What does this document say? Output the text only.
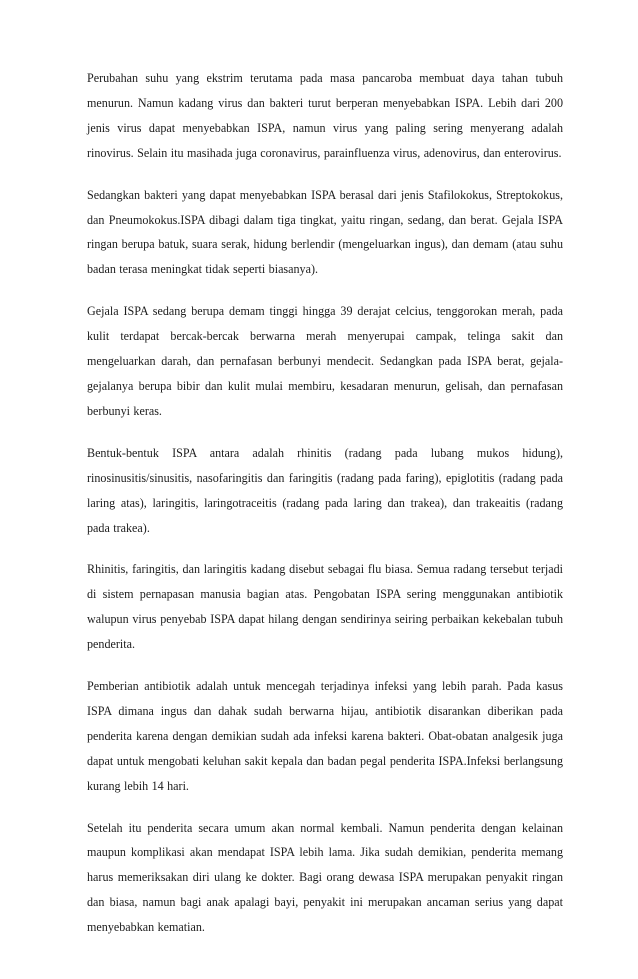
Perubahan suhu yang ekstrim terutama pada masa pancaroba membuat daya tahan tubuh menurun. Namun kadang virus dan bakteri turut berperan menyebabkan ISPA. Lebih dari 200 jenis virus dapat menyebabkan ISPA, namun virus yang paling sering menyerang adalah rinovirus. Selain itu masihada juga coronavirus, parainfluenza virus, adenovirus, dan enterovirus.

Sedangkan bakteri yang dapat menyebabkan ISPA berasal dari jenis Stafilokokus, Streptokokus, dan Pneumokokus.ISPA dibagi dalam tiga tingkat, yaitu ringan, sedang, dan berat. Gejala ISPA ringan berupa batuk, suara serak, hidung berlendir (mengeluarkan ingus), dan demam (atau suhu badan terasa meningkat tidak seperti biasanya).

Gejala ISPA sedang berupa demam tinggi hingga 39 derajat celcius, tenggorokan merah, pada kulit terdapat bercak-bercak berwarna merah menyerupai campak, telinga sakit dan mengeluarkan darah, dan pernafasan berbunyi mendecit. Sedangkan pada ISPA berat, gejala-gejalanya berupa bibir dan kulit mulai membiru, kesadaran menurun, gelisah, dan pernafasan berbunyi keras.

Bentuk-bentuk ISPA antara adalah rhinitis (radang pada lubang mukos hidung), rinosinusitis/sinusitis, nasofaringitis dan faringitis (radang pada faring), epiglotitis (radang pada laring atas), laringitis, laringotraceitis (radang pada laring dan trakea), dan trakeaitis (radang pada trakea).

Rhinitis, faringitis, dan laringitis kadang disebut sebagai flu biasa. Semua radang tersebut terjadi di sistem pernapasan manusia bagian atas. Pengobatan ISPA sering menggunakan antibiotik walupun virus penyebab ISPA dapat hilang dengan sendirinya seiring perbaikan kekebalan tubuh penderita.

Pemberian antibiotik adalah untuk mencegah terjadinya infeksi yang lebih parah. Pada kasus ISPA dimana ingus dan dahak sudah berwarna hijau, antibiotik disarankan diberikan pada penderita karena dengan demikian sudah ada infeksi karena bakteri. Obat-obatan analgesik juga dapat untuk mengobati keluhan sakit kepala dan badan pegal penderita ISPA.Infeksi berlangsung kurang lebih 14 hari.

Setelah itu penderita secara umum akan normal kembali. Namun penderita dengan kelainan maupun komplikasi akan mendapat ISPA lebih lama. Jika sudah demikian, penderita memang harus memeriksakan diri ulang ke dokter. Bagi orang dewasa ISPA merupakan penyakit ringan dan biasa, namun bagi anak apalagi bayi, penyakit ini merupakan ancaman serius yang dapat menyebabkan kematian.
